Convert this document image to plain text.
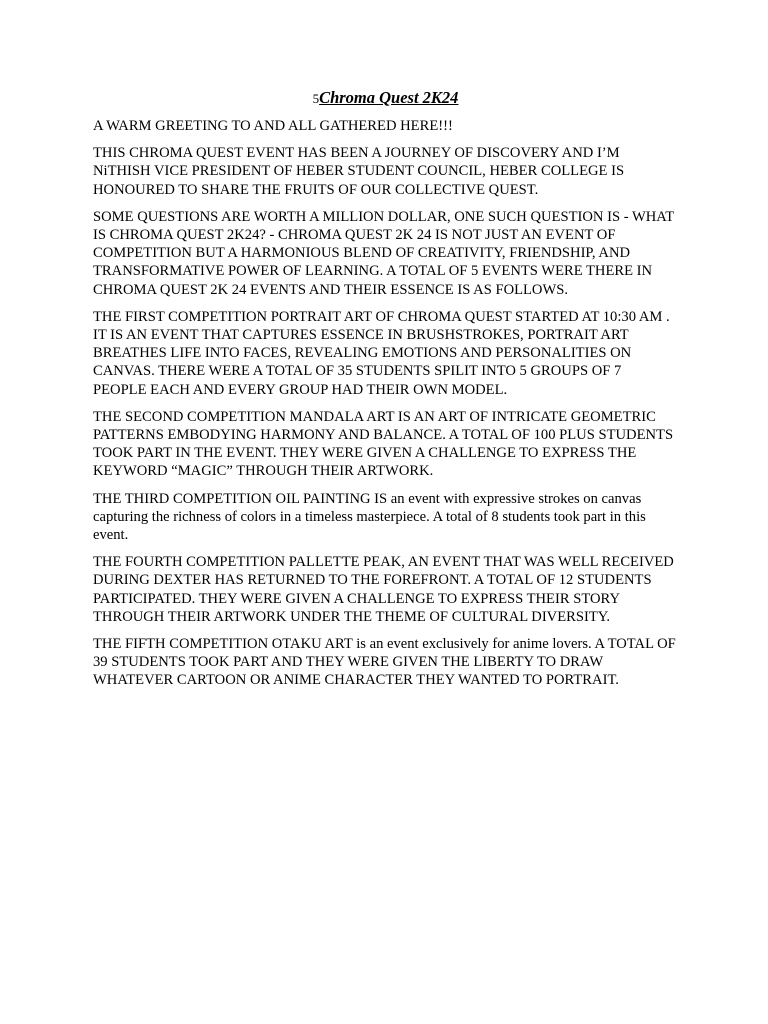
5Chroma Quest 2K24

A WARM GREETING TO AND ALL GATHERED HERE!!!

THIS CHROMA QUEST EVENT HAS BEEN A JOURNEY OF DISCOVERY AND I’M NiTHISH VICE PRESIDENT OF HEBER STUDENT COUNCIL, HEBER COLLEGE IS HONOURED TO SHARE THE FRUITS OF OUR COLLECTIVE QUEST.

SOME QUESTIONS ARE WORTH A MILLION DOLLAR, ONE SUCH QUESTION IS - WHAT IS CHROMA QUEST 2K24? - CHROMA QUEST 2K 24 IS NOT JUST AN EVENT OF COMPETITION BUT A HARMONIOUS BLEND OF CREATIVITY, FRIENDSHIP, AND TRANSFORMATIVE POWER OF LEARNING. A TOTAL OF 5 EVENTS WERE THERE IN CHROMA QUEST 2K 24 EVENTS AND THEIR ESSENCE IS AS FOLLOWS.

THE FIRST COMPETITION PORTRAIT ART OF CHROMA QUEST STARTED AT 10:30 AM . IT IS AN EVENT THAT CAPTURES ESSENCE IN BRUSHSTROKES, PORTRAIT ART BREATHES LIFE INTO FACES, REVEALING EMOTIONS AND PERSONALITIES ON CANVAS. THERE WERE A TOTAL OF 35 STUDENTS SPILIT INTO 5 GROUPS OF 7 PEOPLE EACH AND EVERY GROUP HAD THEIR OWN MODEL.

THE SECOND COMPETITION MANDALA ART IS AN ART OF INTRICATE GEOMETRIC PATTERNS EMBODYING HARMONY AND BALANCE. A TOTAL OF 100 PLUS STUDENTS TOOK PART IN THE EVENT. THEY WERE GIVEN A CHALLENGE TO EXPRESS THE KEYWORD “MAGIC” THROUGH THEIR ARTWORK.

THE THIRD COMPETITION OIL PAINTING IS an event with expressive strokes on canvas capturing the richness of colors in a timeless masterpiece. A total of 8 students took part in this event.

THE FOURTH COMPETITION PALLETTE PEAK, AN EVENT THAT WAS WELL RECEIVED DURING DEXTER HAS RETURNED TO THE FOREFRONT. A TOTAL OF 12 STUDENTS PARTICIPATED. THEY WERE GIVEN A CHALLENGE TO EXPRESS THEIR STORY THROUGH THEIR ARTWORK UNDER THE THEME OF CULTURAL DIVERSITY.

THE FIFTH COMPETITION OTAKU ART is an event exclusively for anime lovers. A TOTAL OF 39 STUDENTS TOOK PART AND THEY WERE GIVEN THE LIBERTY TO DRAW WHATEVER CARTOON OR ANIME CHARACTER THEY WANTED TO PORTRAIT.
